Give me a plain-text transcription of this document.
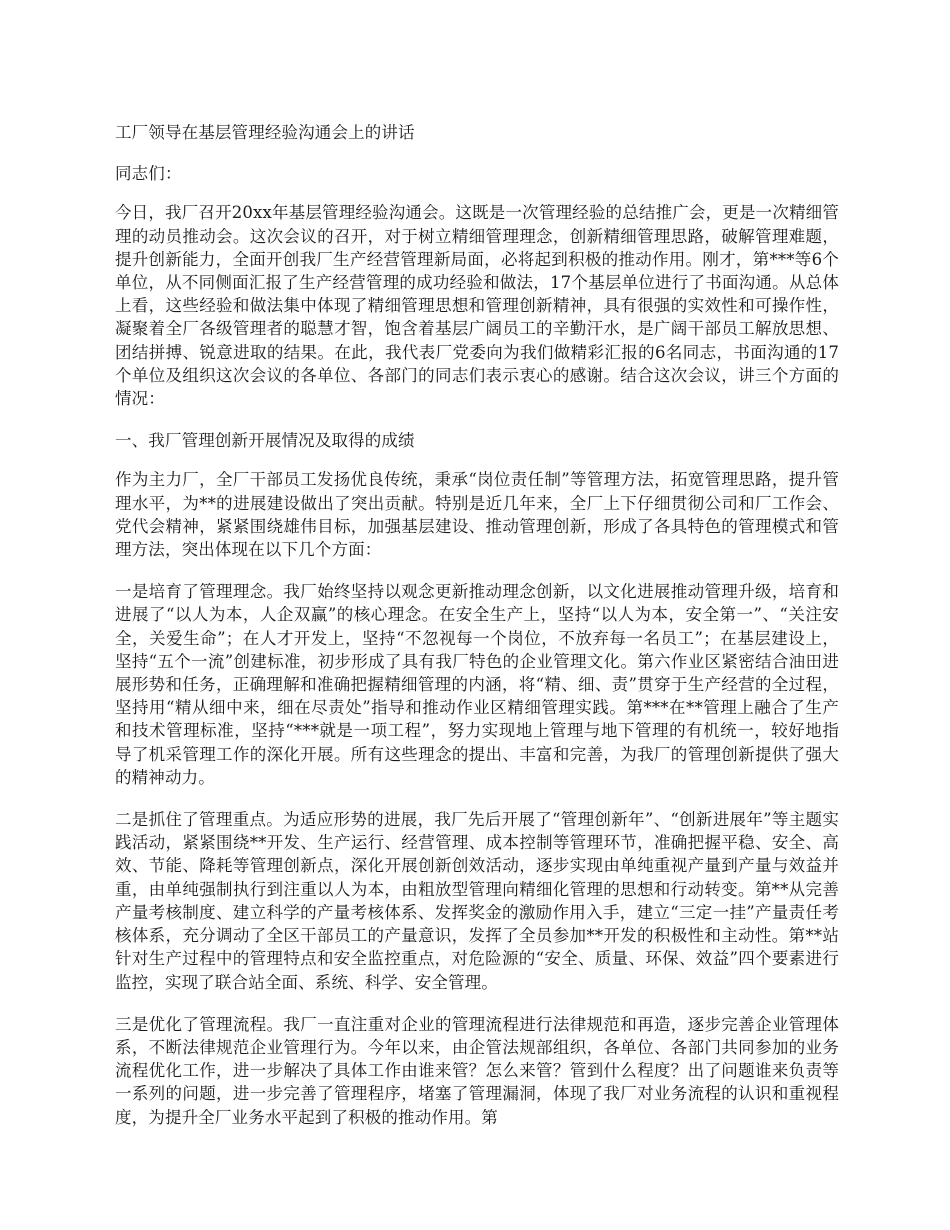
工厂领导在基层管理经验沟通会上的讲话

同志们：

今日，我厂召开20xx年基层管理经验沟通会。这既是一次管理经验的总结推广会，更是一次精细管理的动员推动会。这次会议的召开，对于树立精细管理理念，创新精细管理思路，破解管理难题，提升创新能力，全面开创我厂生产经营管理新局面，必将起到积极的推动作用。刚才，第***等6个单位，从不同侧面汇报了生产经营管理的成功经验和做法，17个基层单位进行了书面沟通。从总体上看，这些经验和做法集中体现了精细管理思想和管理创新精神，具有很强的实效性和可操作性，凝聚着全厂各级管理者的聪慧才智，饱含着基层广阔员工的辛勤汗水，是广阔干部员工解放思想、团结拼搏、锐意进取的结果。在此，我代表厂党委向为我们做精彩汇报的6名同志，书面沟通的17个单位及组织这次会议的各单位、各部门的同志们表示衷心的感谢。结合这次会议，讲三个方面的情况：

一、我厂管理创新开展情况及取得的成绩

作为主力厂，全厂干部员工发扬优良传统，秉承“岗位责任制”等管理方法，拓宽管理思路，提升管理水平，为**的进展建设做出了突出贡献。特别是近几年来，全厂上下仔细贯彻公司和厂工作会、党代会精神，紧紧围绕雄伟目标，加强基层建设、推动管理创新，形成了各具特色的管理模式和管理方法，突出体现在以下几个方面：

一是培育了管理理念。我厂始终坚持以观念更新推动理念创新，以文化进展推动管理升级，培育和进展了“以人为本，人企双赢”的核心理念。在安全生产上，坚持“以人为本，安全第一”、“关注安全，关爱生命”；在人才开发上，坚持“不忽视每一个岗位，不放弃每一名员工”；在基层建设上，坚持“五个一流”创建标准，初步形成了具有我厂特色的企业管理文化。第六作业区紧密结合油田进展形势和任务，正确理解和准确把握精细管理的内涵，将“精、细、责”贯穿于生产经营的全过程，坚持用“精从细中来，细在尽责处”指导和推动作业区精细管理实践。第***在**管理上融合了生产和技术管理标准，坚持“***就是一项工程”，努力实现地上管理与地下管理的有机统一，较好地指导了机采管理工作的深化开展。所有这些理念的提出、丰富和完善，为我厂的管理创新提供了强大的精神动力。

二是抓住了管理重点。为适应形势的进展，我厂先后开展了“管理创新年”、“创新进展年”等主题实践活动，紧紧围绕**开发、生产运行、经营管理、成本控制等管理环节，准确把握平稳、安全、高效、节能、降耗等管理创新点，深化开展创新创效活动，逐步实现由单纯重视产量到产量与效益并重，由单纯强制执行到注重以人为本，由粗放型管理向精细化管理的思想和行动转变。第**从完善产量考核制度、建立科学的产量考核体系、发挥奖金的激励作用入手，建立“三定一挂”产量责任考核体系，充分调动了全区干部员工的产量意识，发挥了全员参加**开发的积极性和主动性。第**站针对生产过程中的管理特点和安全监控重点，对危险源的“安全、质量、环保、效益”四个要素进行监控，实现了联合站全面、系统、科学、安全管理。

三是优化了管理流程。我厂一直注重对企业的管理流程进行法律规范和再造，逐步完善企业管理体系，不断法律规范企业管理行为。今年以来，由企管法规部组织，各单位、各部门共同参加的业务流程优化工作，进一步解决了具体工作由谁来管？怎么来管？管到什么程度？出了问题谁来负责等一系列的问题，进一步完善了管理程序，堵塞了管理漏洞，体现了我厂对业务流程的认识和重视程度，为提升全厂业务水平起到了积极的推动作用。第
